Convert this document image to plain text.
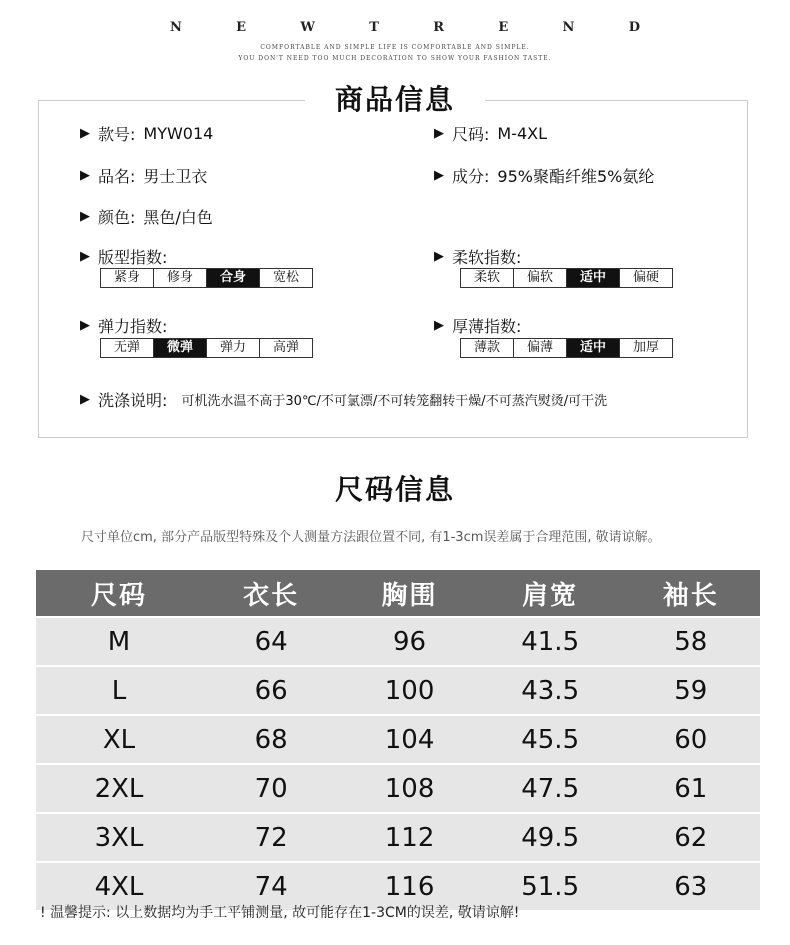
N	E	W	T	R	E	N	D
COMFORTABLE AND SIMPLE LIFE IS COMFORTABLE AND SIMPLE.
YOU DON'T NEED TOO MUCH DECORATION TO SHOW YOUR FASHION TASTE.
商品信息
▶ 款号: MYW014	▶ 尺码: M-4XL
▶ 品名: 男士卫衣	▶ 成分: 95%聚酯纤维5%氨纶
▶ 颜色: 黑色/白色
▶ 版型指数:
紧身	修身	合身	宽松
▶ 柔软指数:
柔软	偏软	适中	偏硬
▶ 弹力指数:
无弹	微弹	弹力	高弹
▶ 厚薄指数:
薄款	偏薄	适中	加厚
▶ 洗涤说明: 可机洗水温不高于30℃/不可氯漂/不可转笼翻转干燥/不可蒸汽熨烫/可干洗
尺码信息
尺寸单位cm, 部分产品版型特殊及个人测量方法跟位置不同, 有1-3cm误差属于合理范围, 敬请谅解。
尺码	衣长	胸围	肩宽	袖长
M	64	96	41.5	58
L	66	100	43.5	59
XL	68	104	45.5	60
2XL	70	108	47.5	61
3XL	72	112	49.5	62
4XL	74	116	51.5	63
! 温馨提示: 以上数据均为手工平铺测量, 故可能存在1-3CM的误差, 敬请谅解!
